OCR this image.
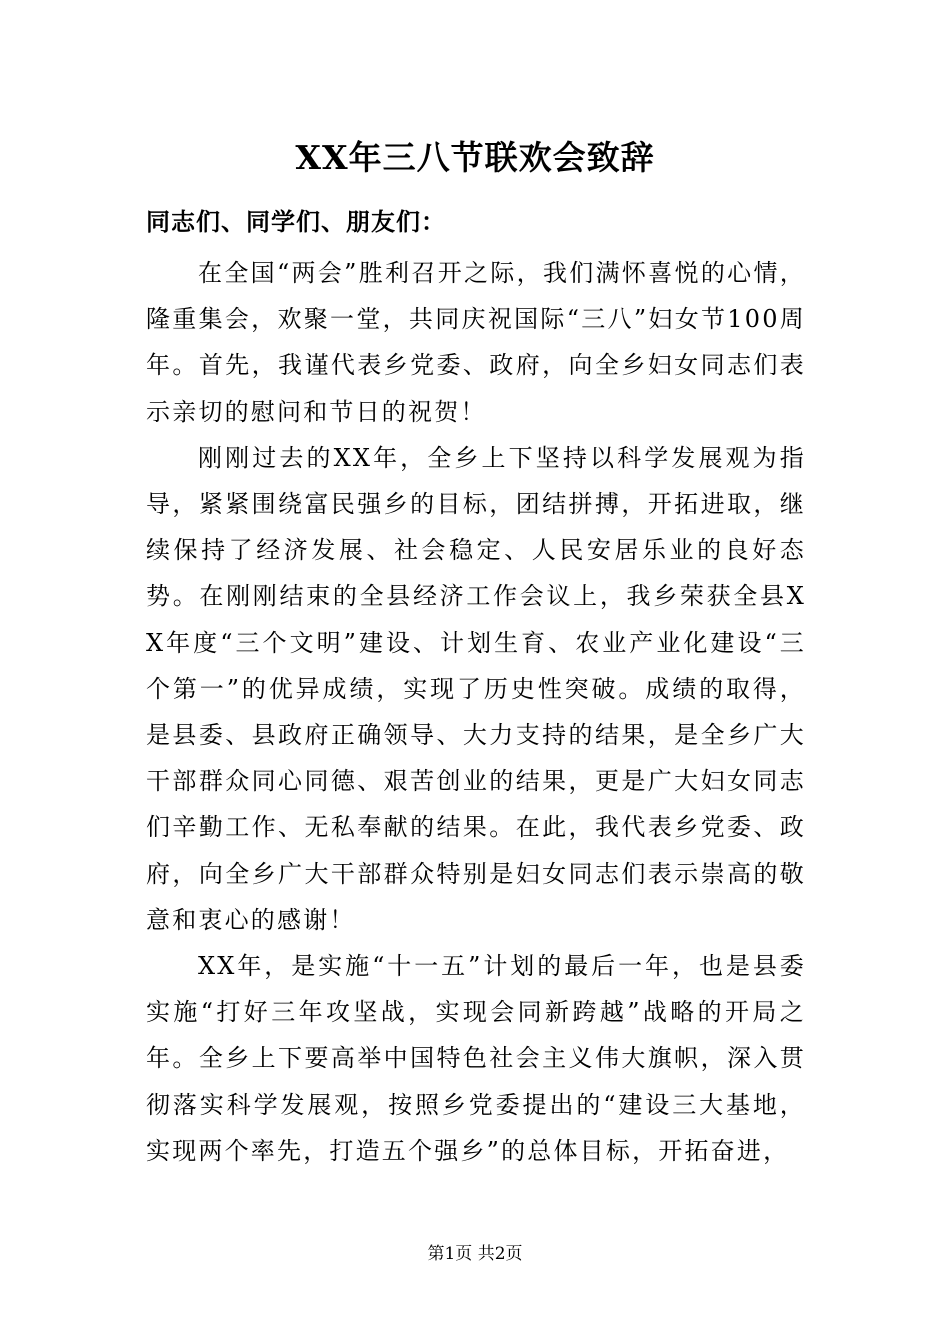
XX年三八节联欢会致辞
同志们、同学们、朋友们：

在全国“两会”胜利召开之际，我们满怀喜悦的心情，隆重集会，欢聚一堂，共同庆祝国际“三八”妇女节100周年。首先，我谨代表乡党委、政府，向全乡妇女同志们表示亲切的慰问和节日的祝贺！

刚刚过去的XX年，全乡上下坚持以科学发展观为指导，紧紧围绕富民强乡的目标，团结拼搏，开拓进取，继续保持了经济发展、社会稳定、人民安居乐业的良好态势。在刚刚结束的全县经济工作会议上，我乡荣获全县XX年度“三个文明”建设、计划生育、农业产业化建设“三个第一”的优异成绩，实现了历史性突破。成绩的取得，是县委、县政府正确领导、大力支持的结果，是全乡广大干部群众同心同德、艰苦创业的结果，更是广大妇女同志们辛勤工作、无私奉献的结果。在此，我代表乡党委、政府，向全乡广大干部群众特别是妇女同志们表示崇高的敬意和衷心的感谢！

XX年，是实施“十一五”计划的最后一年，也是县委实施“打好三年攻坚战，实现会同新跨越”战略的开局之年。全乡上下要高举中国特色社会主义伟大旗帜，深入贯彻落实科学发展观，按照乡党委提出的“建设三大基地，实现两个率先，打造五个强乡”的总体目标，开拓奋进，

第1页 共2页
